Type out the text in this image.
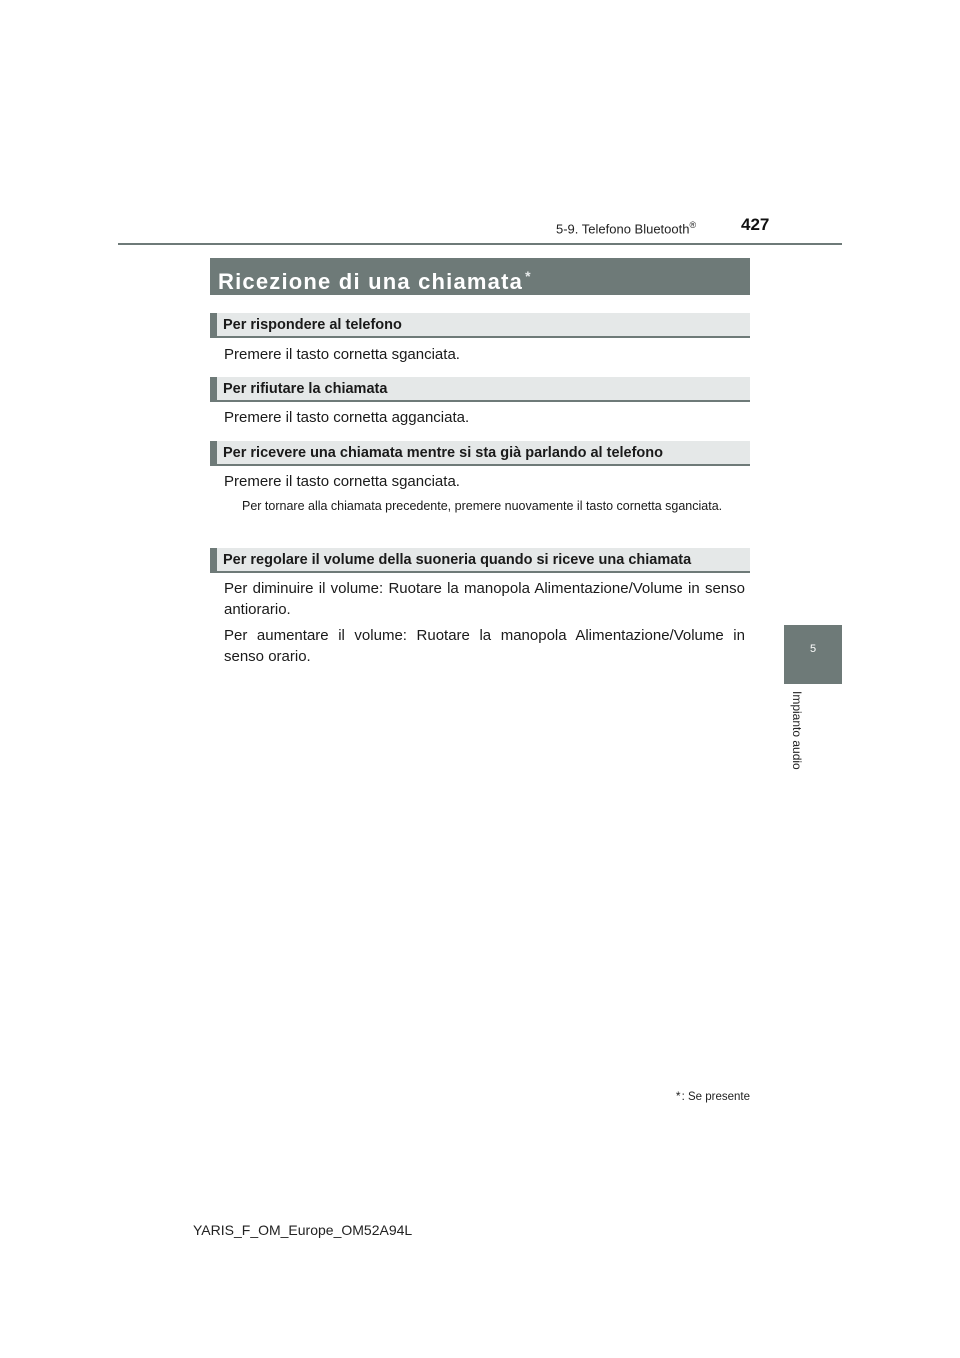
5-9. Telefono Bluetooth®	427
5
Impianto audio
Ricezione di una chiamata *
Per rispondere al telefono
Premere il tasto cornetta sganciata.
Per rifiutare la chiamata
Premere il tasto cornetta agganciata.
Per ricevere una chiamata mentre si sta già parlando al telefono
Premere il tasto cornetta sganciata.
Per tornare alla chiamata precedente, premere nuovamente il tasto cornetta sganciata.
Per regolare il volume della suoneria quando si riceve una chiamata
Per diminuire il volume: Ruotare la manopola Alimentazione/Volume in senso antiorario.
Per aumentare il volume: Ruotare la manopola Alimentazione/Volume in senso orario.
*: Se presente
YARIS_F_OM_Europe_OM52A94L
